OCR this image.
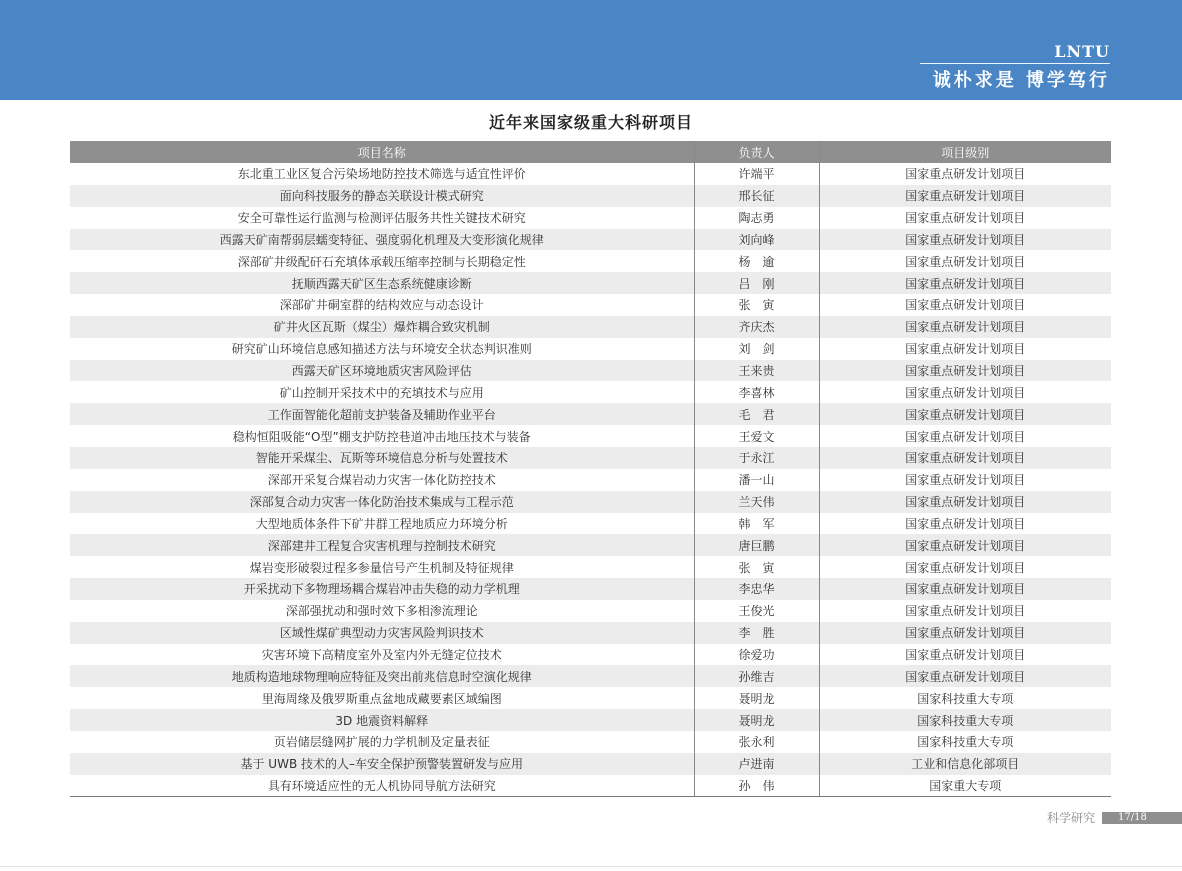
LNTU
诚朴求是 博学笃行
近年来国家级重大科研项目
项目名称	负责人	项目级别
东北重工业区复合污染场地防控技术筛选与适宜性评价	许端平	国家重点研发计划项目
面向科技服务的静态关联设计模式研究	邢长征	国家重点研发计划项目
安全可靠性运行监测与检测评估服务共性关键技术研究	陶志勇	国家重点研发计划项目
西露天矿南帮弱层蠕变特征、强度弱化机理及大变形演化规律	刘向峰	国家重点研发计划项目
深部矿井级配矸石充填体承载压缩率控制与长期稳定性	杨　逾	国家重点研发计划项目
抚顺西露天矿区生态系统健康诊断	吕　刚	国家重点研发计划项目
深部矿井硐室群的结构效应与动态设计	张　寅	国家重点研发计划项目
矿井火区瓦斯（煤尘）爆炸耦合致灾机制	齐庆杰	国家重点研发计划项目
研究矿山环境信息感知描述方法与环境安全状态判识准则	刘　剑	国家重点研发计划项目
西露天矿区环境地质灾害风险评估	王来贵	国家重点研发计划项目
矿山控制开采技术中的充填技术与应用	李喜林	国家重点研发计划项目
工作面智能化超前支护装备及辅助作业平台	毛　君	国家重点研发计划项目
稳构恒阻吸能“O型”棚支护防控巷道冲击地压技术与装备	王爱文	国家重点研发计划项目
智能开采煤尘、瓦斯等环境信息分析与处置技术	于永江	国家重点研发计划项目
深部开采复合煤岩动力灾害一体化防控技术	潘一山	国家重点研发计划项目
深部复合动力灾害一体化防治技术集成与工程示范	兰天伟	国家重点研发计划项目
大型地质体条件下矿井群工程地质应力环境分析	韩　军	国家重点研发计划项目
深部建井工程复合灾害机理与控制技术研究	唐巨鹏	国家重点研发计划项目
煤岩变形破裂过程多参量信号产生机制及特征规律	张　寅	国家重点研发计划项目
开采扰动下多物理场耦合煤岩冲击失稳的动力学机理	李忠华	国家重点研发计划项目
深部强扰动和强时效下多相渗流理论	王俊光	国家重点研发计划项目
区域性煤矿典型动力灾害风险判识技术	李　胜	国家重点研发计划项目
灾害环境下高精度室外及室内外无缝定位技术	徐爱功	国家重点研发计划项目
地质构造地球物理响应特征及突出前兆信息时空演化规律	孙维吉	国家重点研发计划项目
里海周缘及俄罗斯重点盆地成藏要素区域编图	聂明龙	国家科技重大专项
3D 地震资料解释	聂明龙	国家科技重大专项
页岩储层缝网扩展的力学机制及定量表征	张永利	国家科技重大专项
基于 UWB 技术的人–车安全保护预警装置研发与应用	卢进南	工业和信息化部项目
具有环境适应性的无人机协同导航方法研究	孙　伟	国家重大专项
科学研究	17/18
